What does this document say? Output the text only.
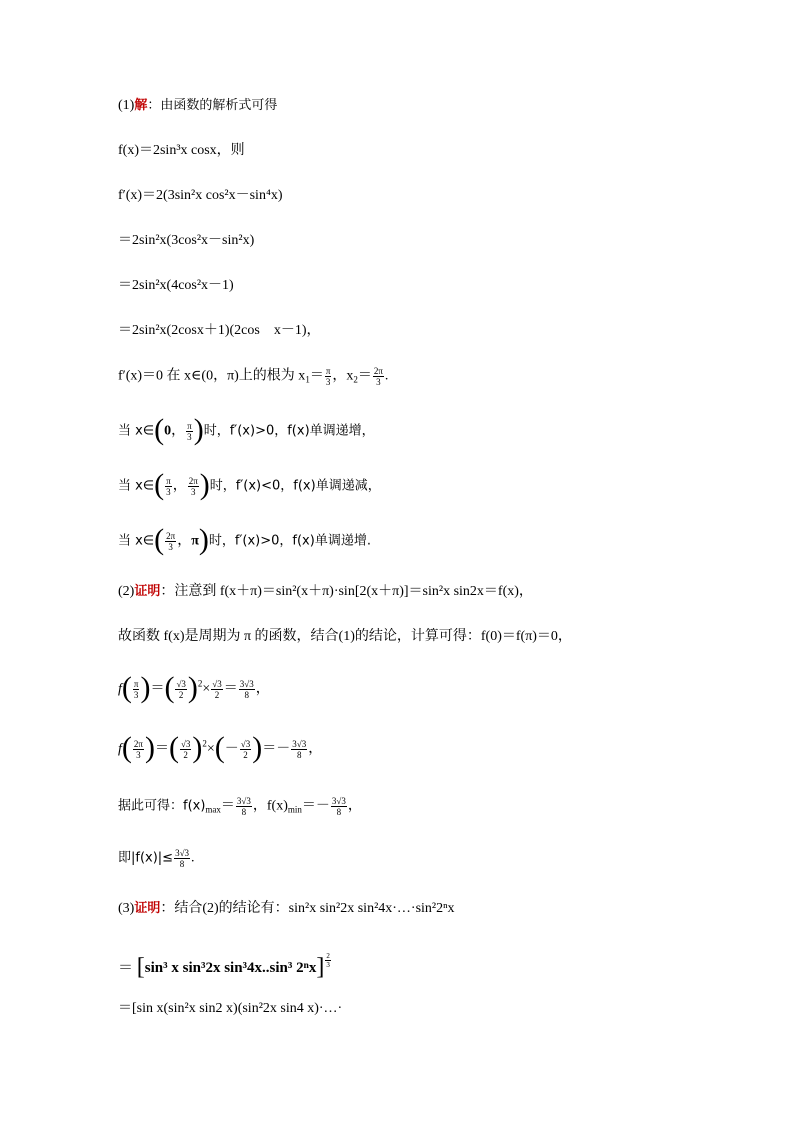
(1)解：由函数的解析式可得
f(x)＝2sin³x cosx，则
f′(x)＝2(3sin²x cos²x－sin⁴x)
＝2sin²x(3cos²x－sin²x)
＝2sin²x(4cos²x－1)
＝2sin²x(2cosx＋1)(2cos　x－1)，
f′(x)＝0 在 x∈(0，π)上的根为 $x_1= \frac{\pi}{3}$ ，$x_2= \frac{2\pi}{3}$ .
当 x∈(0， $\frac{\pi}{3}$ )时，f′(x)>0，f(x)单调递增，
当 x∈( $\frac{\pi}{3}$ ， $\frac{2\pi}{3}$ )时，f′(x)<0，f(x)单调递减，
当 x∈( $\frac{2\pi}{3}$ ，π)时，f′(x)>0，f(x)单调递增.
(2)证明：注意到 f(x＋π)＝sin²(x＋π)·sin[2(x＋π)]＝sin²x sin2x＝f(x)，
故函数 f(x)是周期为 π 的函数，结合(1)的结论，计算可得：f(0)＝f(π)＝0，
$f( \frac{\pi}{3}$ )＝( $\frac{√3}{2} )^2\times \frac{√3}{2} = \frac{3√3}{8}$ ，
$f( \frac{2\pi}{3}$ )＝( $\frac{√3}{2} )^2\times(- \frac{√3}{2}$ )＝－ $\frac{3√3}{8}$ ，
据此可得：$f(x)_{max}= \frac{3√3}{8}$ ，$f(x)_{min}=- \frac{3√3}{8}$ ，
即$|f(x)|\le \frac{3√3}{8}$ .
(3)证明：结合(2)的结论有：sin²x sin²2x sin²4x·…·sin²2ⁿx
＝ [sin³ x sin³2x sin³4x..sin³ $2^nx] \frac{2}{3}$
＝[sin x(sin²x sin2 x)(sin²2x sin4 x)·…·
